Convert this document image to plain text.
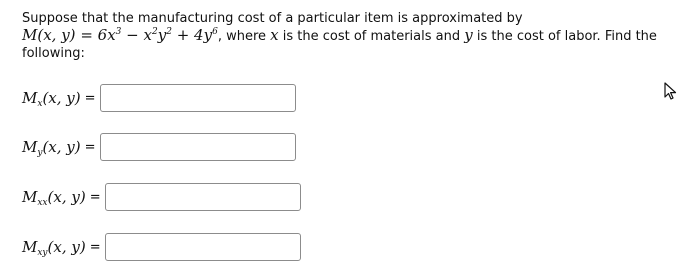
Suppose that the manufacturing cost of a particular item is approximated by
M(x, $y) = 6x^3 - x^2y^2 + 4y^6$, where x is the cost of materials and y is the cost of labor. Find the
following:
$M_x(x$, y) =
$M_y(x$, y) =
$M_{xx}(x$, y) =
$M_{xy}(x$, y) =
